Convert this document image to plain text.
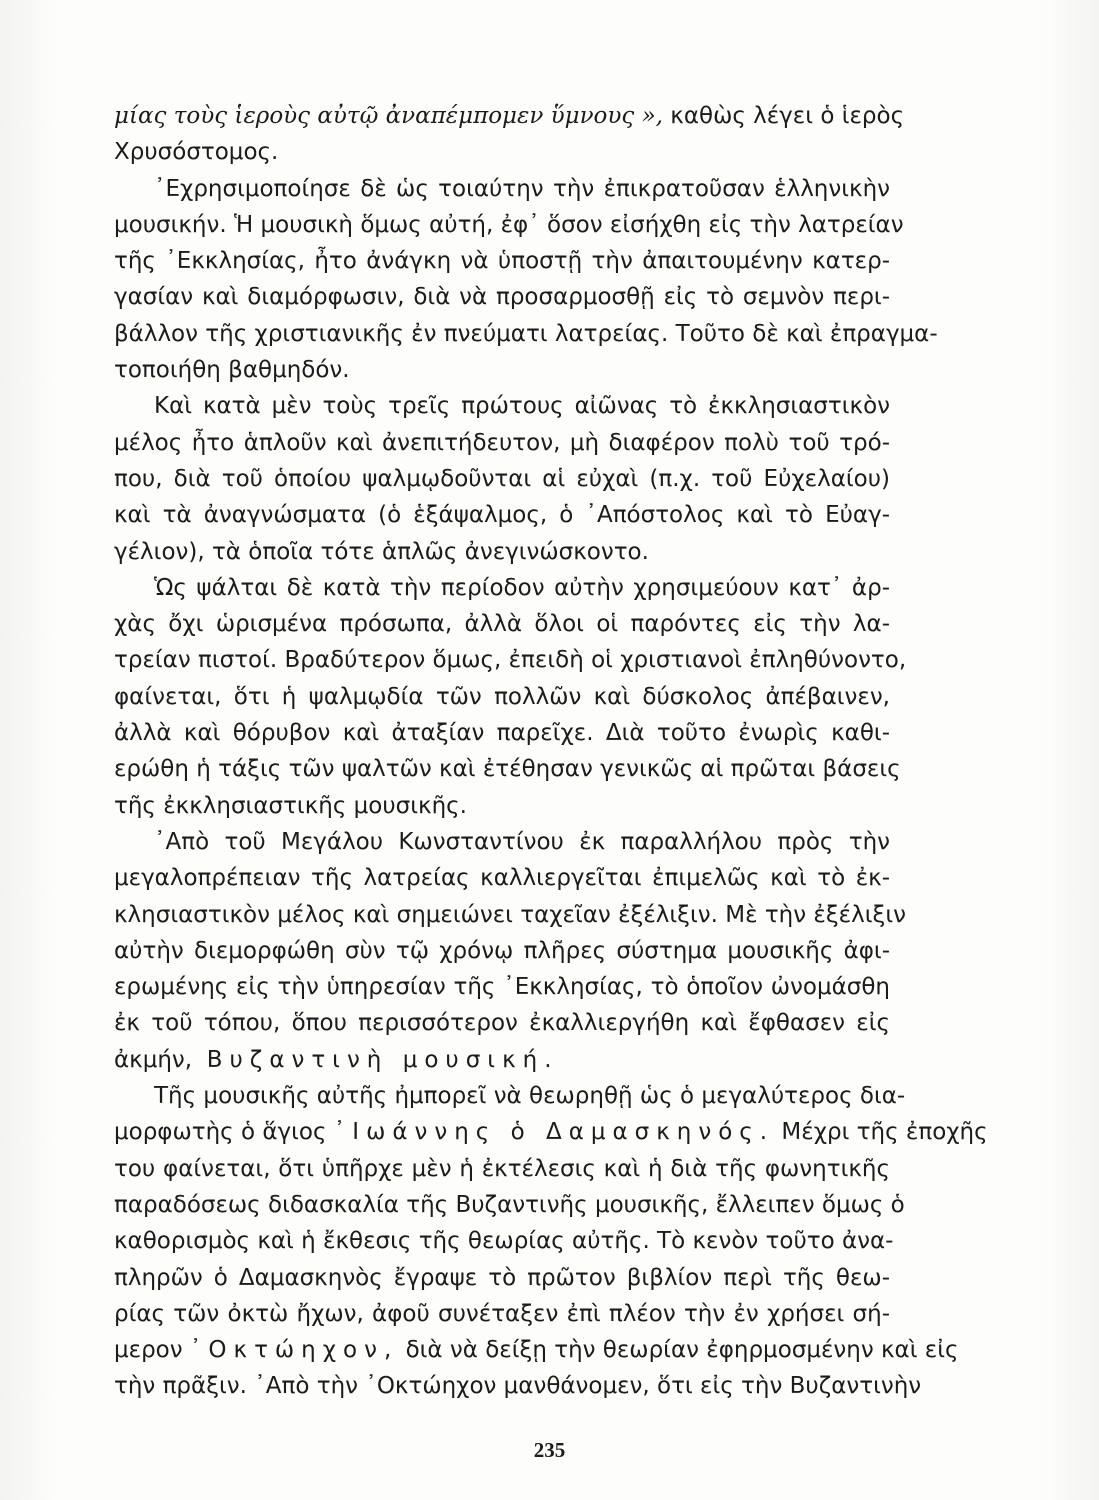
μίας τοὺς ἱεροὺς αὐτῷ ἀναπέμπομεν ὕμνους », καθὼς λέγει ὁ ἱερὸς
Χρυσόστομος.
᾽Εχρησιμοποίησε δὲ ὡς τοιαύτην τὴν ἐπικρατοῦσαν ἑλληνικὴν
μουσικήν. Ἡ μουσικὴ ὅμως αὐτή, ἐφ᾽ ὅσον εἰσήχθη εἰς τὴν λατρείαν
τῆς ᾽Εκκλησίας, ἦτο ἀνάγκη νὰ ὑποστῇ τὴν ἀπαιτουμένην κατερ-
γασίαν καὶ διαμόρφωσιν, διὰ νὰ προσαρμοσθῇ εἰς τὸ σεμνὸν περι-
βάλλον τῆς χριστιανικῆς ἐν πνεύματι λατρείας. Τοῦτο δὲ καὶ ἐπραγμα-
τοποιήθη βαθμηδόν.
Καὶ κατὰ μὲν τοὺς τρεῖς πρώτους αἰῶνας τὸ ἐκκλησιαστικὸν
μέλος ἦτο ἁπλοῦν καὶ ἀνεπιτήδευτον, μὴ διαφέρον πολὺ τοῦ τρό-
που, διὰ τοῦ ὁποίου ψαλμῳδοῦνται αἱ εὐχαὶ (π.χ. τοῦ Εὐχελαίου)
καὶ τὰ ἀναγνώσματα (ὁ ἑξάψαλμος, ὁ ᾽Απόστολος καὶ τὸ Εὐαγ-
γέλιον), τὰ ὁποῖα τότε ἁπλῶς ἀνεγινώσκοντο.
Ὡς ψάλται δὲ κατὰ τὴν περίοδον αὐτὴν χρησιμεύουν κατ᾽ ἀρ-
χὰς ὄχι ὡρισμένα πρόσωπα, ἀλλὰ ὅλοι οἱ παρόντες εἰς τὴν λα-
τρείαν πιστοί. Βραδύτερον ὅμως, ἐπειδὴ οἱ χριστιανοὶ ἐπληθύνοντο,
φαίνεται, ὅτι ἡ ψαλμῳδία τῶν πολλῶν καὶ δύσκολος ἀπέβαινεν,
ἀλλὰ καὶ θόρυβον καὶ ἀταξίαν παρεῖχε. Διὰ τοῦτο ἐνωρὶς καθι-
ερώθη ἡ τάξις τῶν ψαλτῶν καὶ ἐτέθησαν γενικῶς αἱ πρῶται βάσεις
τῆς ἐκκλησιαστικῆς μουσικῆς.
᾽Απὸ τοῦ Μεγάλου Κωνσταντίνου ἐκ παραλλήλου πρὸς τὴν
μεγαλοπρέπειαν τῆς λατρείας καλλιεργεῖται ἐπιμελῶς καὶ τὸ ἐκ-
κλησιαστικὸν μέλος καὶ σημειώνει ταχεῖαν ἐξέλιξιν. Μὲ τὴν ἐξέλιξιν
αὐτὴν διεμορφώθη σὺν τῷ χρόνῳ πλῆρες σύστημα μουσικῆς ἀφι-
ερωμένης εἰς τὴν ὑπηρεσίαν τῆς ᾽Εκκλησίας, τὸ ὁποῖον ὠνομάσθη
ἐκ τοῦ τόπου, ὅπου περισσότερον ἐκαλλιεργήθη καὶ ἔφθασεν εἰς
ἀκμήν, Βυζαντινὴ μουσική.
Τῆς μουσικῆς αὐτῆς ἠμπορεῖ νὰ θεωρηθῇ ὡς ὁ μεγαλύτερος δια-
μορφωτὴς ὁ ἅγιος ᾽Ιωάννης ὁ Δαμασκηνός. Μέχρι τῆς ἐποχῆς
του φαίνεται, ὅτι ὑπῆρχε μὲν ἡ ἐκτέλεσις καὶ ἡ διὰ τῆς φωνητικῆς
παραδόσεως διδασκαλία τῆς Βυζαντινῆς μουσικῆς, ἔλλειπεν ὅμως ὁ
καθορισμὸς καὶ ἡ ἔκθεσις τῆς θεωρίας αὐτῆς. Τὸ κενὸν τοῦτο ἀνα-
πληρῶν ὁ Δαμασκηνὸς ἔγραψε τὸ πρῶτον βιβλίον περὶ τῆς θεω-
ρίας τῶν ὀκτὼ ἤχων, ἀφοῦ συνέταξεν ἐπὶ πλέον τὴν ἐν χρήσει σή-
μερον ᾽Οκτώηχον, διὰ νὰ δείξῃ τὴν θεωρίαν ἐφηρμοσμένην καὶ εἰς
τὴν πρᾶξιν. ᾽Απὸ τὴν ᾽Οκτώηχον μανθάνομεν, ὅτι εἰς τὴν Βυζαντινὴν
235
